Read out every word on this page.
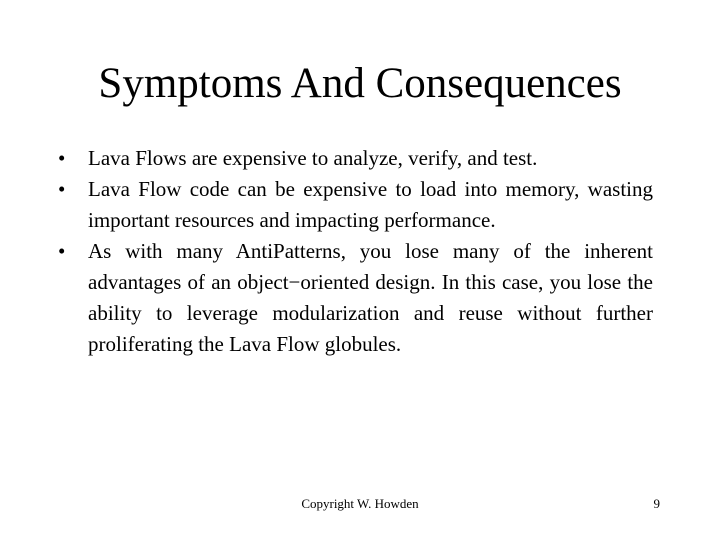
Symptoms And Consequences
•	Lava Flows are expensive to analyze, verify, and test.
•	Lava Flow code can be expensive to load into memory, wasting important resources and impacting performance.
•	As with many AntiPatterns, you lose many of the inherent advantages of an object−oriented design. In this case, you lose the ability to leverage modularization and reuse without further proliferating the Lava Flow globules.
Copyright W. Howden	9
